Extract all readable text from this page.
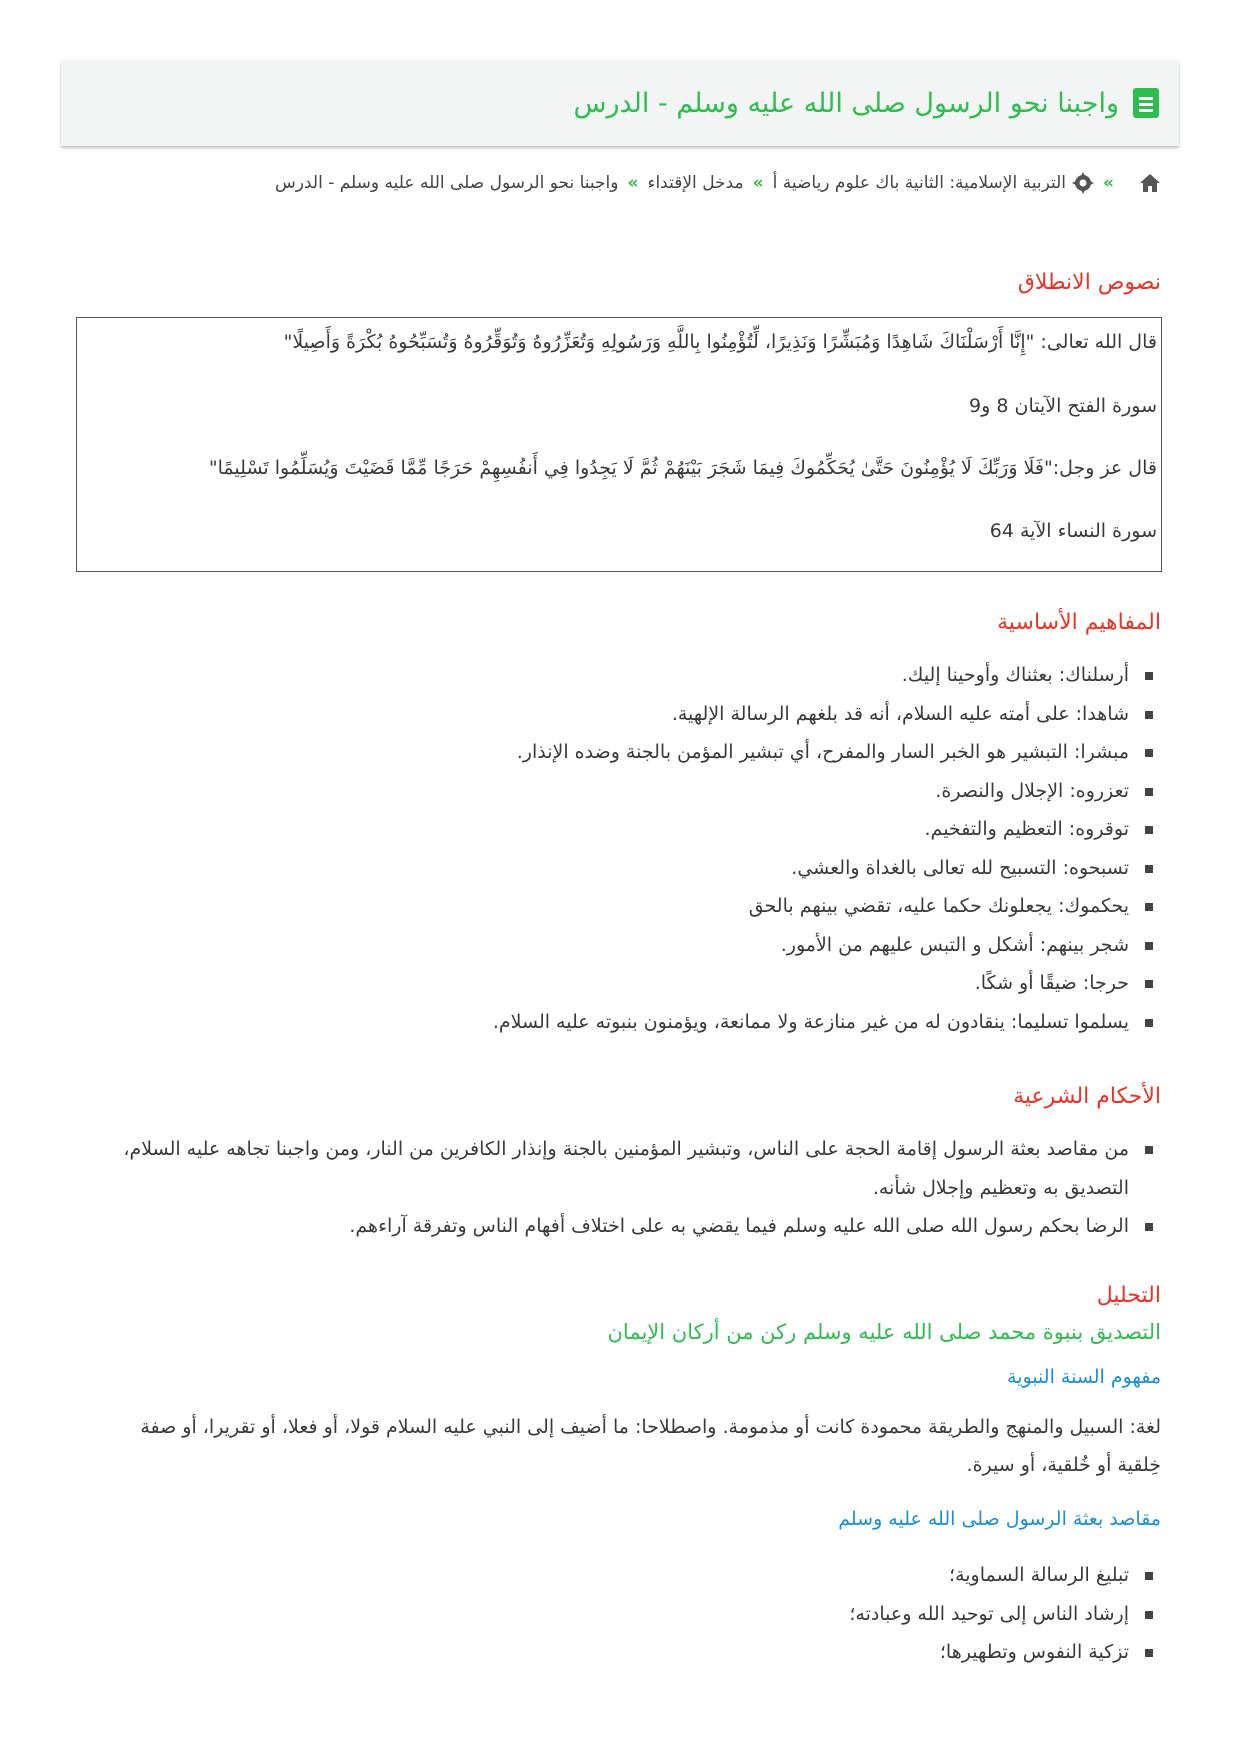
واجبنا نحو الرسول صلى الله عليه وسلم - الدرس
»
التربية الإسلامية: الثانية باك علوم رياضية أ
»
مدخل الإقتداء
»
واجبنا نحو الرسول صلى الله عليه وسلم - الدرس
نصوص الانطلاق

قال الله تعالى: "إِنَّا أَرْسَلْنَاكَ شَاهِدًا وَمُبَشِّرًا وَنَذِيرًا، لِّتُؤْمِنُوا بِاللَّهِ وَرَسُولِهِ وَتُعَزِّرُوهُ وَتُوَقِّرُوهُ وَتُسَبِّحُوهُ بُكْرَةً وَأَصِيلًا"

سورة الفتح الآيتان 8 و9

قال عز وجل:"فَلَا وَرَبِّكَ لَا يُؤْمِنُونَ حَتَّىٰ يُحَكِّمُوكَ فِيمَا شَجَرَ بَيْنَهُمْ ثُمَّ لَا يَجِدُوا فِي أَنفُسِهِمْ حَرَجًا مِّمَّا قَضَيْتَ وَيُسَلِّمُوا تَسْلِيمًا"

سورة النساء الآية 64

المفاهيم الأساسية
أرسلناك: بعثناك وأوحينا إليك.
شاهدا: على أمته عليه السلام، أنه قد بلغهم الرسالة الإلهية.
مبشرا: التبشير هو الخبر السار والمفرح، أي تبشير المؤمن بالجنة وضده الإنذار.
تعزروه: الإجلال والنصرة.
توقروه: التعظيم والتفخيم.
تسبحوه: التسبيح لله تعالى بالغداة والعشي.
يحكموك: يجعلونك حكما عليه، تقضي بينهم بالحق
شجر بينهم: أشكل و التبس عليهم من الأمور.
حرجا: ضيقًا أو شكًا.
يسلموا تسليما: ينقادون له من غير منازعة ولا ممانعة، ويؤمنون بنبوته عليه السلام.
الأحكام الشرعية
من مقاصد بعثة الرسول إقامة الحجة على الناس، وتبشير المؤمنين بالجنة وإنذار الكافرين من النار، ومن واجبنا تجاهه عليه السلام، التصديق به وتعظيم وإجلال شأنه.
الرضا بحكم رسول الله صلى الله عليه وسلم فيما يقضي به على اختلاف أفهام الناس وتفرقة آراءهم.
التحليل
التصديق بنبوة محمد صلى الله عليه وسلم ركن من أركان الإيمان
مفهوم السنة النبوية

لغة: السبيل والمنهج والطريقة محمودة كانت أو مذمومة. واصطلاحا: ما أضيف إلى النبي عليه السلام قولا، أو فعلا، أو تقريرا، أو صفة خِلقية أو خُلقية، أو سيرة.

مقاصد بعثة الرسول صلى الله عليه وسلم
تبليغ الرسالة السماوية؛
إرشاد الناس إلى توحيد الله وعبادته؛
تزكية النفوس وتطهيرها؛
